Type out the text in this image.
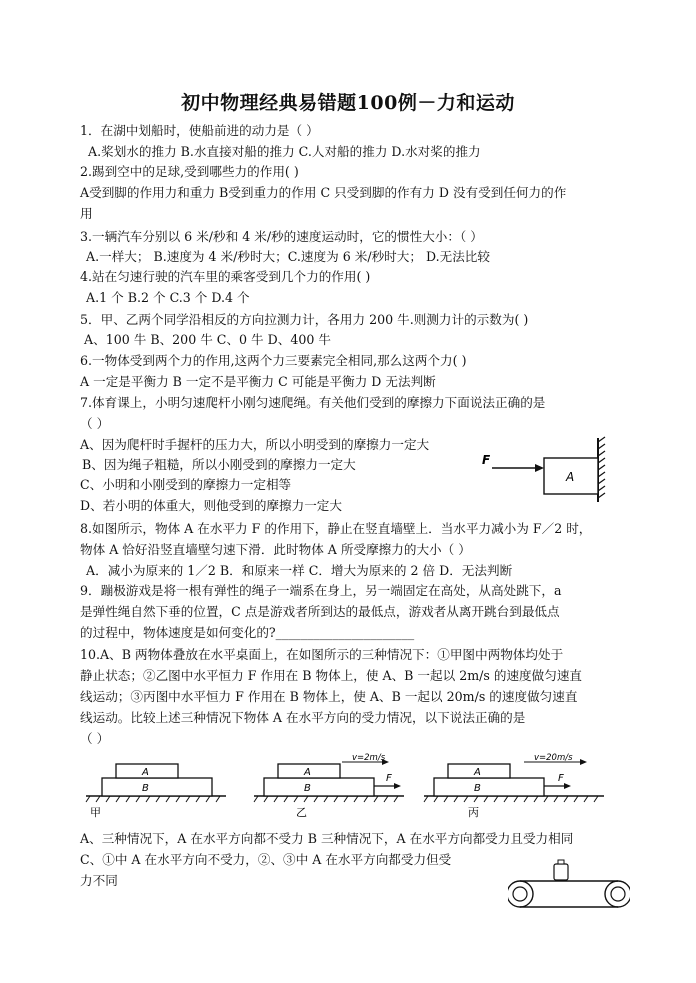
初中物理经典易错题100例－力和运动
1．在湖中划船时，使船前进的动力是（ ）
A.桨划水的推力 B.水直接对船的推力 C.人对船的推力 D.水对桨的推力
2.踢到空中的足球,受到哪些力的作用( )
A受到脚的作用力和重力 B受到重力的作用 C 只受到脚的作有力 D 没有受到任何力的作
用
3.一辆汽车分别以 6 米/秒和 4 米/秒的速度运动时，它的惯性大小：（ ）
A.一样大； B.速度为 4 米/秒时大；C.速度为 6 米/秒时大； D.无法比较
4.站在匀速行驶的汽车里的乘客受到几个力的作用( )
A.1 个 B.2 个 C.3 个 D.4 个
5．甲、乙两个同学沿相反的方向拉测力计，各用力 200 牛.则测力计的示数为( )
A、100 牛 B、200 牛 C、0 牛 D、400 牛
6.一物体受到两个力的作用,这两个力三要素完全相同,那么这两个力( )
A 一定是平衡力 B 一定不是平衡力 C 可能是平衡力 D 无法判断
7.体育课上，小明匀速爬杆小刚匀速爬绳。有关他们受到的摩擦力下面说法正确的是
（ ）
A、因为爬杆时手握杆的压力大，所以小明受到的摩擦力一定大
B、因为绳子粗糙，所以小刚受到的摩擦力一定大
C、小明和小刚受到的摩擦力一定相等
D、若小明的体重大，则他受到的摩擦力一定大
A
F
8.如图所示，物体 A 在水平力 F 的作用下，静止在竖直墙壁上．当水平力减小为 F／2 时，
物体 A 恰好沿竖直墙壁匀速下滑．此时物体 A 所受摩擦力的大小（ ）
A．减小为原来的 1／2 B．和原来一样 C．增大为原来的 2 倍 D．无法判断
9．蹦极游戏是将一根有弹性的绳子一端系在身上，另一端固定在高处，从高处跳下，a
是弹性绳自然下垂的位置，C 点是游戏者所到达的最低点，游戏者从离开跳台到最低点
的过程中，物体速度是如何变化的?______________________
10.A、B 两物体叠放在水平桌面上，在如图所示的三种情况下：①甲图中两物体均处于
静止状态；②乙图中水平恒力 F 作用在 B 物体上，使 A、B 一起以 2m/s 的速度做匀速直
线运动；③丙图中水平恒力 F 作用在 B 物体上，使 A、B 一起以 20m/s 的速度做匀速直
线运动。比较上述三种情况下物体 A 在水平方向的受力情况，以下说法正确的是
（ ）
A
B
甲
A
B
v=2m/s
F
乙
A
B
v=20m/s
F
丙
A、三种情况下，A 在水平方向都不受力 B 三种情况下，A 在水平方向都受力且受力相同
C、①中 A 在水平方向不受力，②、③中 A 在水平方向都受力但受
力不同
